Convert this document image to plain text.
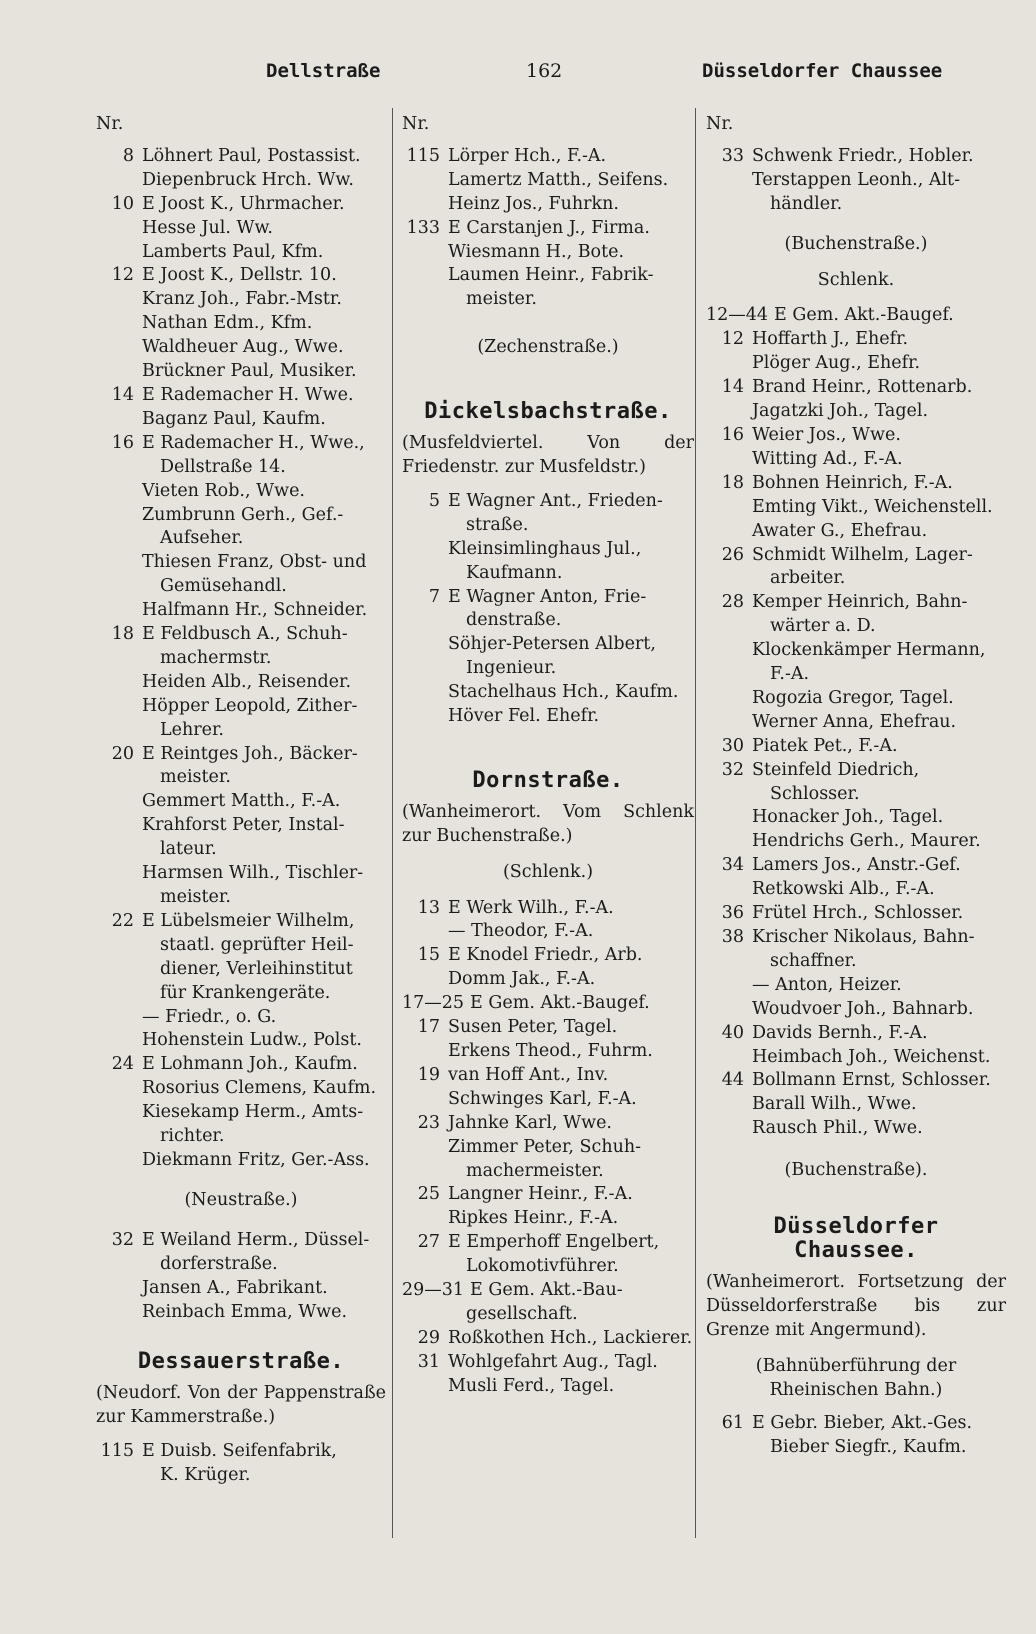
Dellstraße	162	Düsseldorfer Chaussee
Nr.
8 Löhnert Paul, Postassist.
Diepenbruck Hrch. Ww.
10 E Joost K., Uhrmacher.
Hesse Jul. Ww.
Lamberts Paul, Kfm.
12 E Joost K., Dellstr. 10.
Kranz Joh., Fabr.-Mstr.
Nathan Edm., Kfm.
Waldheuer Aug., Wwe.
Brückner Paul, Musiker.
14 E Rademacher H. Wwe.
Baganz Paul, Kaufm.
16 E Rademacher H., Wwe.,
Dellstraße 14.
Vieten Rob., Wwe.
Zumbrunn Gerh., Gef.-
Aufseher.
Thiesen Franz, Obst- und
Gemüsehandl.
Halfmann Hr., Schneider.
18 E Feldbusch A., Schuh-
machermstr.
Heiden Alb., Reisender.
Höpper Leopold, Zither-
Lehrer.
20 E Reintges Joh., Bäcker-
meister.
Gemmert Matth., F.-A.
Krahforst Peter, Instal-
lateur.
Harmsen Wilh., Tischler-
meister.
22 E Lübelsmeier Wilhelm,
staatl. geprüfter Heil-
diener, Verleihinstitut
für Krankengeräte.
— Friedr., o. G.
Hohenstein Ludw., Polst.
24 E Lohmann Joh., Kaufm.
Rosorius Clemens, Kaufm.
Kiesekamp Herm., Amts-
richter.
Diekmann Fritz, Ger.-Ass.
(Neustraße.)
32 E Weiland Herm., Düssel-
dorferstraße.
Jansen A., Fabrikant.
Reinbach Emma, Wwe.
Dessauerstraße.
(Neudorf. Von der Pappenstraße zur Kammerstraße.)
115 E Duisb. Seifenfabrik,
K. Krüger.
Nr.
115 Lörper Hch., F.-A.
Lamertz Matth., Seifens.
Heinz Jos., Fuhrkn.
133 E Carstanjen J., Firma.
Wiesmann H., Bote.
Laumen Heinr., Fabrik-
meister.
(Zechenstraße.)
Dickelsbachstraße.
(Musfeldviertel. Von der Friedenstr. zur Musfeldstr.)
5 E Wagner Ant., Frieden-
straße.
Kleinsimlinghaus Jul.,
Kaufmann.
7 E Wagner Anton, Frie-
denstraße.
Söhjer-Petersen Albert,
Ingenieur.
Stachelhaus Hch., Kaufm.
Höver Fel. Ehefr.
Dornstraße.
(Wanheimerort. Vom Schlenk zur Buchenstraße.)
(Schlenk.)
13 E Werk Wilh., F.-A.
— Theodor, F.-A.
15 E Knodel Friedr., Arb.
Domm Jak., F.-A.
17—25 E Gem. Akt.-Baugef.
17 Susen Peter, Tagel.
Erkens Theod., Fuhrm.
19 van Hoff Ant., Inv.
Schwinges Karl, F.-A.
23 Jahnke Karl, Wwe.
Zimmer Peter, Schuh-
machermeister.
25 Langner Heinr., F.-A.
Ripkes Heinr., F.-A.
27 E Emperhoff Engelbert,
Lokomotivführer.
29—31 E Gem. Akt.-Bau-
gesellschaft.
29 Roßkothen Hch., Lackierer.
31 Wohlgefahrt Aug., Tagl.
Musli Ferd., Tagel.
Nr.
33 Schwenk Friedr., Hobler.
Terstappen Leonh., Alt-
händler.
(Buchenstraße.)
Schlenk.
12—44 E Gem. Akt.-Baugef.
12 Hoffarth J., Ehefr.
Plöger Aug., Ehefr.
14 Brand Heinr., Rottenarb.
Jagatzki Joh., Tagel.
16 Weier Jos., Wwe.
Witting Ad., F.-A.
18 Bohnen Heinrich, F.-A.
Emting Vikt., Weichenstell.
Awater G., Ehefrau.
26 Schmidt Wilhelm, Lager-
arbeiter.
28 Kemper Heinrich, Bahn-
wärter a. D.
Klockenkämper Hermann,
F.-A.
Rogozia Gregor, Tagel.
Werner Anna, Ehefrau.
30 Piatek Pet., F.-A.
32 Steinfeld Diedrich,
Schlosser.
Honacker Joh., Tagel.
Hendrichs Gerh., Maurer.
34 Lamers Jos., Anstr.-Gef.
Retkowski Alb., F.-A.
36 Frütel Hrch., Schlosser.
38 Krischer Nikolaus, Bahn-
schaffner.
— Anton, Heizer.
Woudvoer Joh., Bahnarb.
40 Davids Bernh., F.-A.
Heimbach Joh., Weichenst.
44 Bollmann Ernst, Schlosser.
Barall Wilh., Wwe.
Rausch Phil., Wwe.
(Buchenstraße).
Düsseldorfer Chaussee.
(Wanheimerort. Fortsetzung der Düsseldorferstraße bis zur Grenze mit Angermund).
(Bahnüberführung der Rheinischen Bahn.)
61 E Gebr. Bieber, Akt.-Ges.
Bieber Siegfr., Kaufm.
